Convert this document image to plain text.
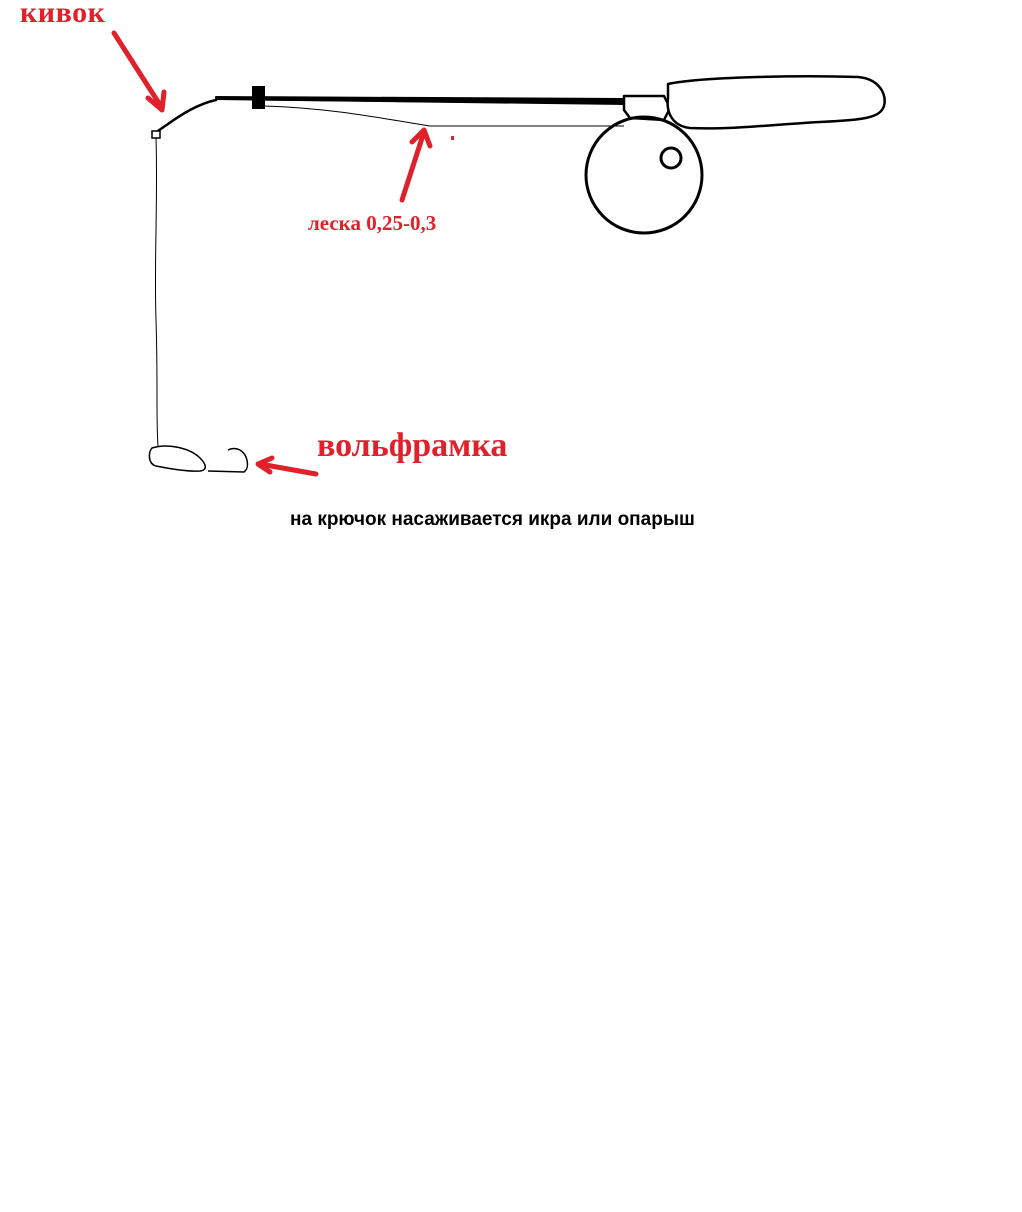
кивок

леска 0,25-0,3

вольфрамка

на крючок насаживается икра или опарыш
